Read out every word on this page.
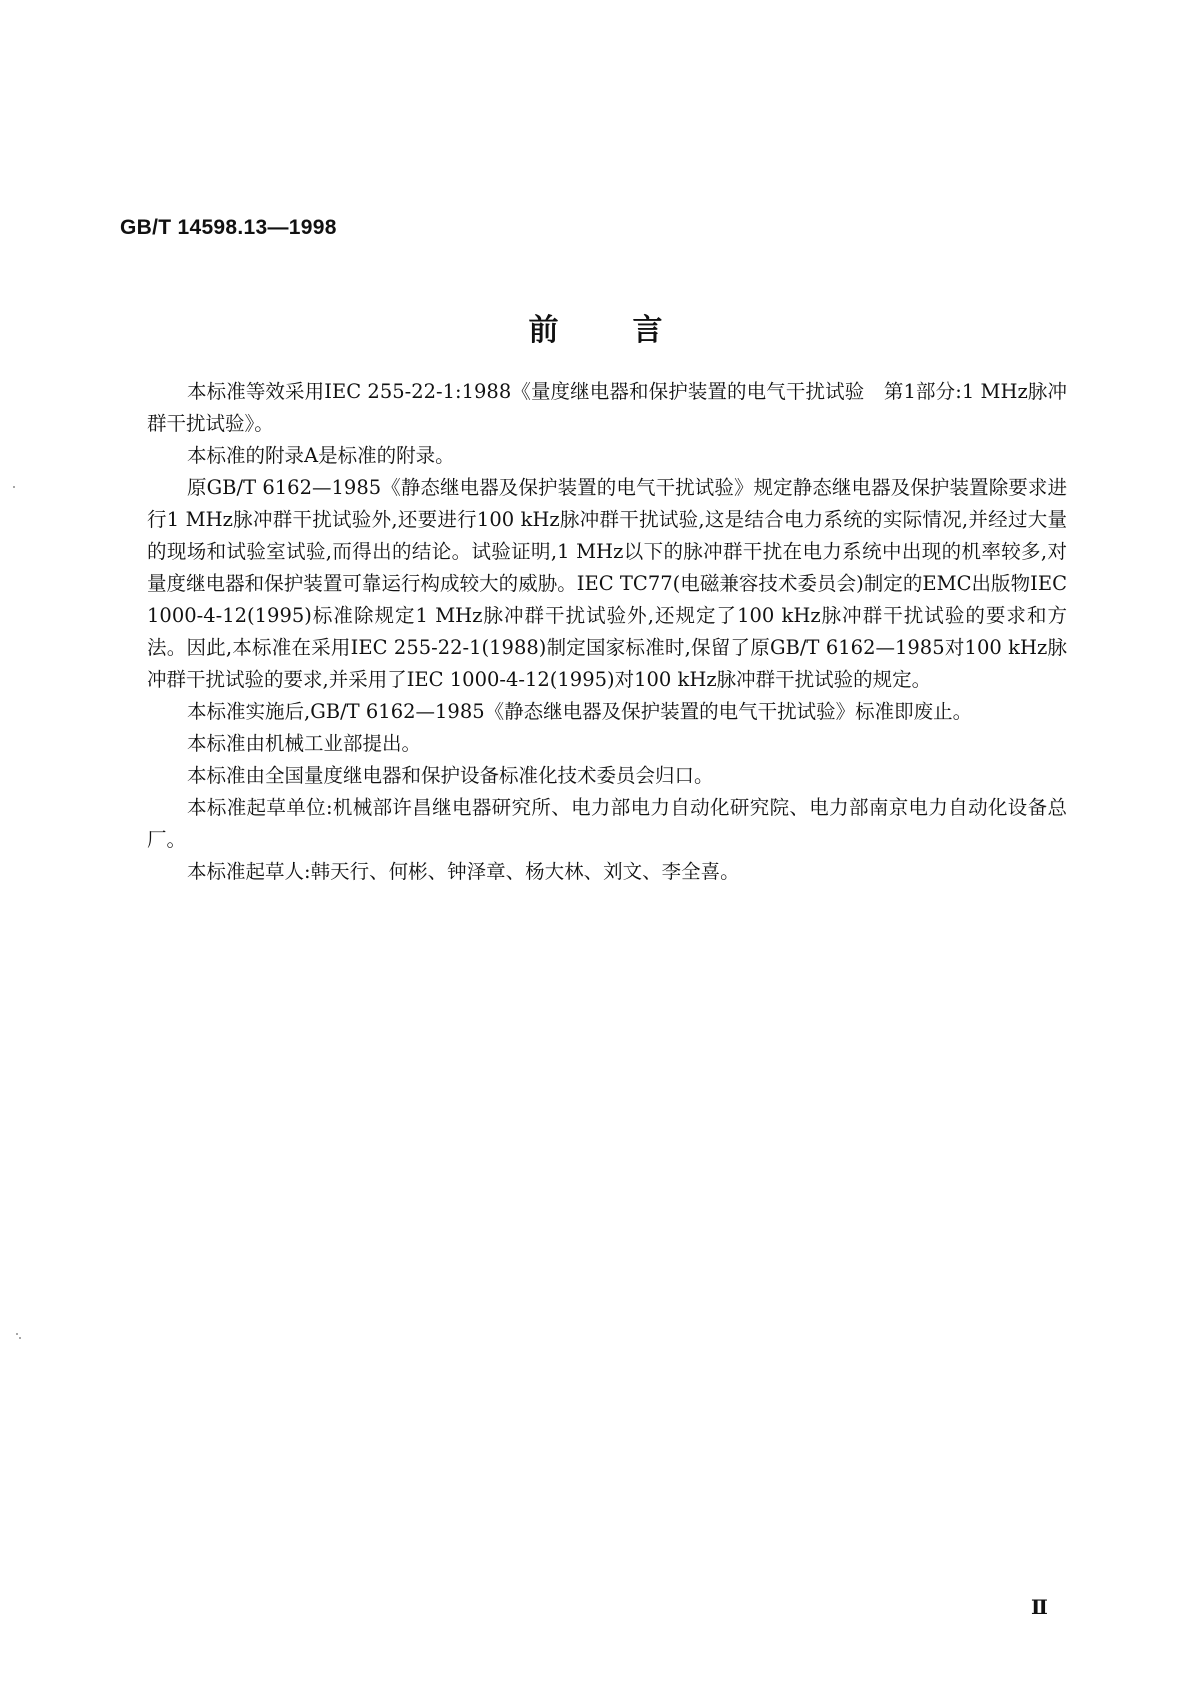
GB/T 14598.13—1998
前言

本标准等效采用IEC 255-22-1:1988《量度继电器和保护装置的电气干扰试验　第1部分:1 MHz脉冲群干扰试验》。

本标准的附录A是标准的附录。

原GB/T 6162—1985《静态继电器及保护装置的电气干扰试验》规定静态继电器及保护装置除要求进行1 MHz脉冲群干扰试验外,还要进行100 kHz脉冲群干扰试验,这是结合电力系统的实际情况,并经过大量的现场和试验室试验,而得出的结论。试验证明,1 MHz以下的脉冲群干扰在电力系统中出现的机率较多,对量度继电器和保护装置可靠运行构成较大的威胁。IEC TC77(电磁兼容技术委员会)制定的EMC出版物IEC 1000-4-12(1995)标准除规定1 MHz脉冲群干扰试验外,还规定了100 kHz脉冲群干扰试验的要求和方法。因此,本标准在采用IEC 255-22-1(1988)制定国家标准时,保留了原GB/T 6162—1985对100 kHz脉冲群干扰试验的要求,并采用了IEC 1000-4-12(1995)对100 kHz脉冲群干扰试验的规定。

本标准实施后,GB/T 6162—1985《静态继电器及保护装置的电气干扰试验》标准即废止。

本标准由机械工业部提出。

本标准由全国量度继电器和保护设备标准化技术委员会归口。

本标准起草单位:机械部许昌继电器研究所、电力部电力自动化研究院、电力部南京电力自动化设备总厂。

本标准起草人:韩天行、何彬、钟泽章、杨大林、刘文、李全喜。

Ⅱ
